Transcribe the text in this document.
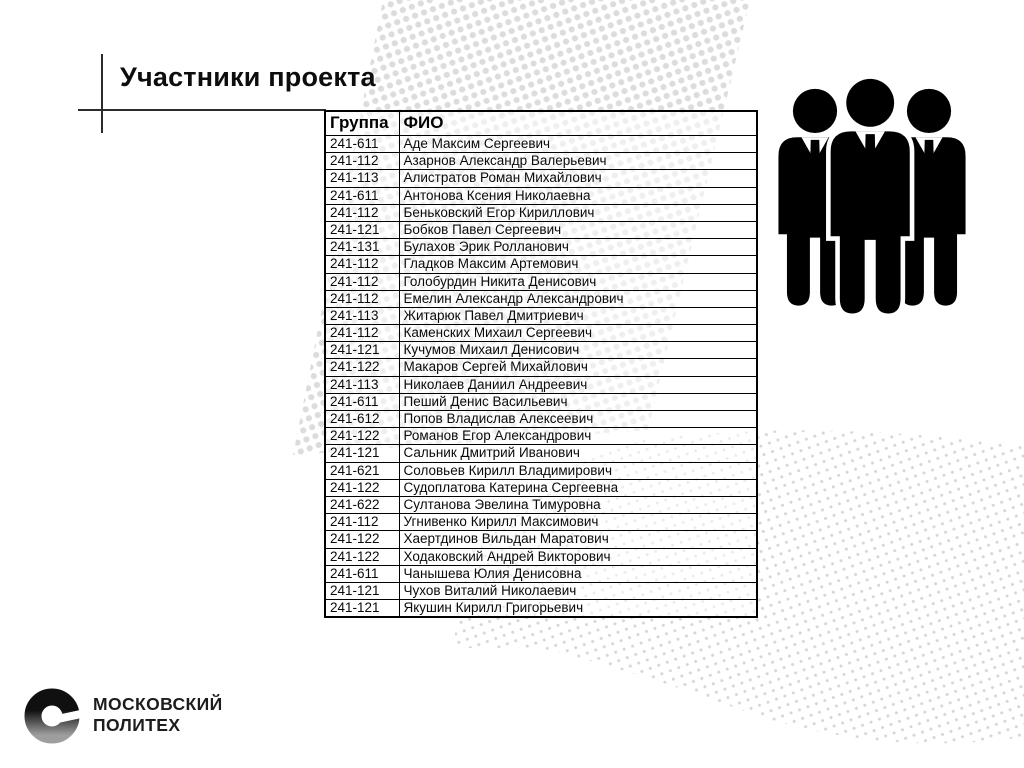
Участники проекта
Группа	ФИО
241-611	Аде Максим Сергеевич
241-112	Азарнов Александр Валерьевич
241-113	Алистратов Роман Михайлович
241-611	Антонова Ксения Николаевна
241-112	Беньковский Егор Кириллович
241-121	Бобков Павел Сергеевич
241-131	Булахов Эрик Ролланович
241-112	Гладков Максим Артемович
241-112	Голобурдин Никита Денисович
241-112	Емелин Александр Александрович
241-113	Житарюк Павел Дмитриевич
241-112	Каменских Михаил Сергеевич
241-121	Кучумов Михаил Денисович
241-122	Макаров Сергей Михайлович
241-113	Николаев Даниил Андреевич
241-611	Пеший Денис Васильевич
241-612	Попов Владислав Алексеевич
241-122	Романов Егор Александрович
241-121	Сальник Дмитрий Иванович
241-621	Соловьев Кирилл Владимирович
241-122	Судоплатова Катерина Сергеевна
241-622	Султанова Эвелина Тимуровна
241-112	Угнивенко Кирилл Максимович
241-122	Хаертдинов Вильдан Маратович
241-122	Ходаковский Андрей Викторович
241-611	Чанышева Юлия Денисовна
241-121	Чухов Виталий Николаевич
241-121	Якушин Кирилл Григорьевич
МОСКОВСКИЙ
ПОЛИТЕХ
